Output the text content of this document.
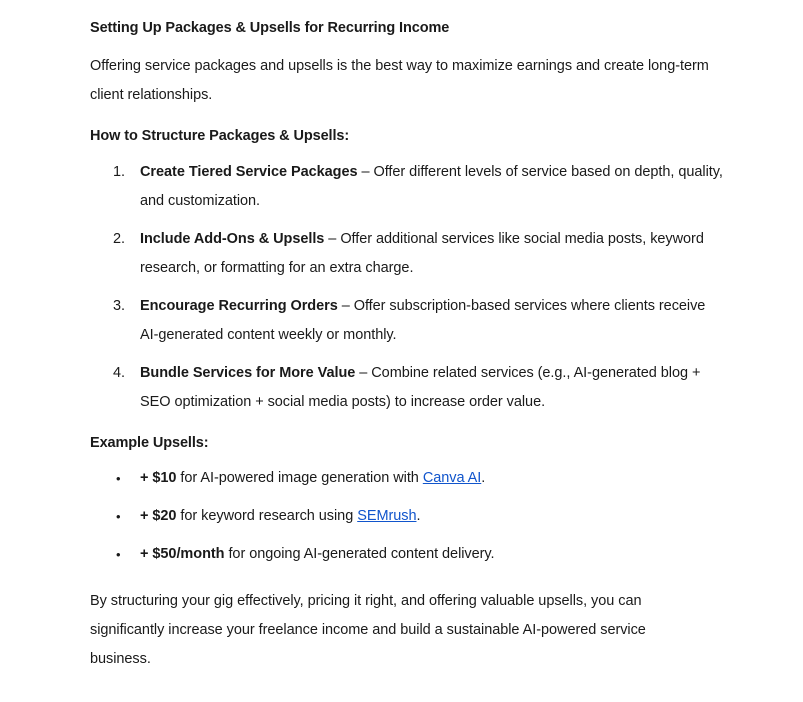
Setting Up Packages & Upsells for Recurring Income

Offering service packages and upsells is the best way to maximize earnings and create long-term client relationships.

How to Structure Packages & Upsells:
1. Create Tiered Service Packages – Offer different levels of service based on depth, quality, and customization.
2. Include Add-Ons & Upsells – Offer additional services like social media posts, keyword research, or formatting for an extra charge.
3. Encourage Recurring Orders – Offer subscription-based services where clients receive AI-generated content weekly or monthly.
4. Bundle Services for More Value – Combine related services (e.g., AI-generated blog + SEO optimization + social media posts) to increase order value.
Example Upsells:
•
+ $10 for AI-powered image generation with Canva AI.
•
+ $20 for keyword research using SEMrush.
•
+ $50/month for ongoing AI-generated content delivery.

By structuring your gig effectively, pricing it right, and offering valuable upsells, you can significantly increase your freelance income and build a sustainable AI-powered service business.
